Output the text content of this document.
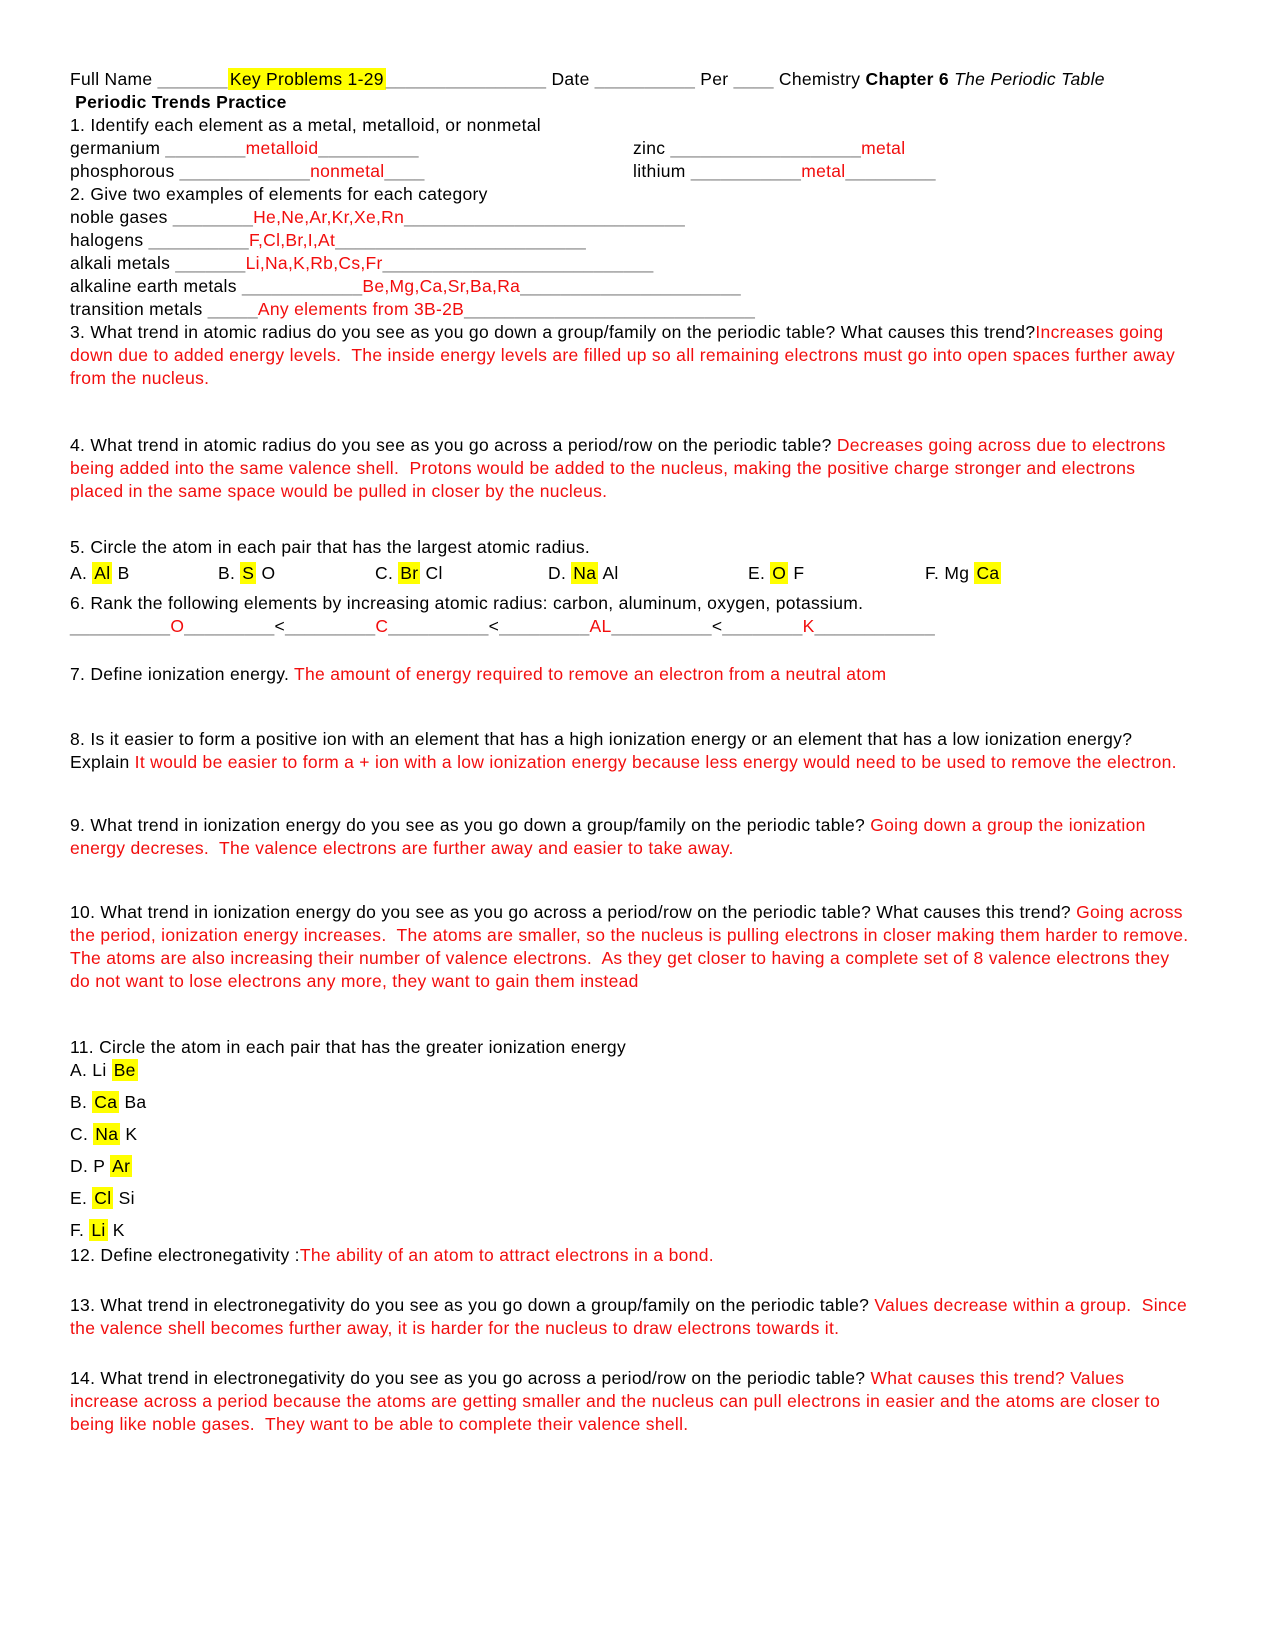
Full Name _______ Key Problems 1-29 ________________ Date __________ Per ____ Chemistry Chapter 6 The Periodic Table
Periodic Trends Practice
1. Identify each element as a metal, metalloid, or nonmetal
germanium ________metalloid__________	zinc ___________________metal
phosphorous _____________nonmetal____	lithium ___________metal_________
2. Give two examples of elements for each category
noble gases ________He,Ne,Ar,Kr,Xe,Rn____________________________
halogens __________F,Cl,Br,I,At_________________________
alkali metals _______Li,Na,K,Rb,Cs,Fr___________________________
alkaline earth metals ____________Be,Mg,Ca,Sr,Ba,Ra______________________
transition metals _____Any elements from 3B-2B_____________________________
3. What trend in atomic radius do you see as you go down a group/family on the periodic table? What causes this trend?Increases going down due to added energy levels.  The inside energy levels are filled up so all remaining electrons must go into open spaces further away from the nucleus.
4. What trend in atomic radius do you see as you go across a period/row on the periodic table? Decreases going across due to electrons being added into the same valence shell.  Protons would be added to the nucleus, making the positive charge stronger and electrons placed in the same space would be pulled in closer by the nucleus.
5. Circle the atom in each pair that has the largest atomic radius.
A. Al B	B. S O	C. Br Cl	D. Na Al	E. O F	F. Mg Ca
6. Rank the following elements by increasing atomic radius: carbon, aluminum, oxygen, potassium.
__________O_________<_________C__________<_________AL__________<________K____________
7. Define ionization energy. The amount of energy required to remove an electron from a neutral atom
8. Is it easier to form a positive ion with an element that has a high ionization energy or an element that has a low ionization energy? Explain It would be easier to form a + ion with a low ionization energy because less energy would need to be used to remove the electron.
9. What trend in ionization energy do you see as you go down a group/family on the periodic table? Going down a group the ionization energy decreses.  The valence electrons are further away and easier to take away.
10. What trend in ionization energy do you see as you go across a period/row on the periodic table? What causes this trend? Going across the period, ionization energy increases.  The atoms are smaller, so the nucleus is pulling electrons in closer making them harder to remove.  The atoms are also increasing their number of valence electrons.  As they get closer to having a complete set of 8 valence electrons they do not want to lose electrons any more, they want to gain them instead
11. Circle the atom in each pair that has the greater ionization energy
A. Li Be
B. Ca Ba
C. Na K
D. P Ar
E. Cl Si
F. Li K
12. Define electronegativity :The ability of an atom to attract electrons in a bond.
13. What trend in electronegativity do you see as you go down a group/family on the periodic table? Values decrease within a group.  Since the valence shell becomes further away, it is harder for the nucleus to draw electrons towards it.
14. What trend in electronegativity do you see as you go across a period/row on the periodic table? What causes this trend? Values increase across a period because the atoms are getting smaller and the nucleus can pull electrons in easier and the atoms are closer to being like noble gases.  They want to be able to complete their valence shell.
